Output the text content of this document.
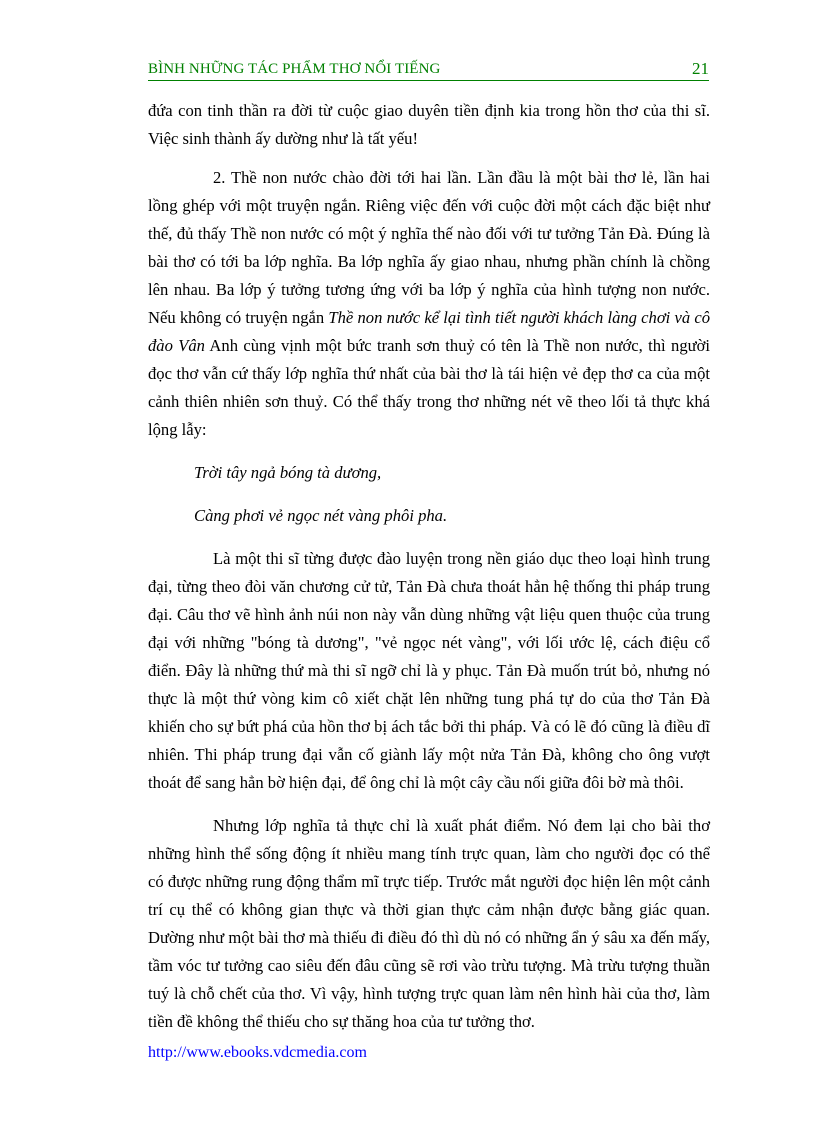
BÌNH NHỮNG TÁC PHẨM THƠ NỔI TIẾNG	21

đứa con tinh thần ra đời từ cuộc giao duyên tiền định kia trong hồn thơ của thi sĩ. Việc sinh thành ấy dường như là tất yếu!

2. Thề non nước chào đời tới hai lần. Lần đầu là một bài thơ lẻ, lần hai lồng ghép với một truyện ngắn. Riêng việc đến với cuộc đời một cách đặc biệt như thế, đủ thấy Thề non nước có một ý nghĩa thế nào đối với tư tưởng Tản Đà. Đúng là bài thơ có tới ba lớp nghĩa. Ba lớp nghĩa ấy giao nhau, nhưng phần chính là chồng lên nhau. Ba lớp ý tưởng tương ứng với ba lớp ý nghĩa của hình tượng non nước. Nếu không có truyện ngắn Thề non nước kể lại tình tiết người khách làng chơi và cô đào Vân Anh cùng vịnh một bức tranh sơn thuỷ có tên là Thề non nước, thì người đọc thơ vẫn cứ thấy lớp nghĩa thứ nhất của bài thơ là tái hiện vẻ đẹp thơ ca của một cảnh thiên nhiên sơn thuỷ. Có thể thấy trong thơ những nét vẽ theo lối tả thực khá lộng lẫy:

Trời tây ngả bóng tà dương,

Càng phơi vẻ ngọc nét vàng phôi pha.

Là một thi sĩ từng được đào luyện trong nền giáo dục theo loại hình trung đại, từng theo đòi văn chương cử tử, Tản Đà chưa thoát hẳn hệ thống thi pháp trung đại. Câu thơ vẽ hình ảnh núi non này vẫn dùng những vật liệu quen thuộc của trung đại với những "bóng tà dương", "vẻ ngọc nét vàng", với lối ước lệ, cách điệu cổ điển. Đây là những thứ mà thi sĩ ngỡ chỉ là y phục. Tản Đà muốn trút bỏ, nhưng nó thực là một thứ vòng kim cô xiết chặt lên những tung phá tự do của thơ Tản Đà khiến cho sự bứt phá của hồn thơ bị ách tắc bởi thi pháp. Và có lẽ đó cũng là điều dĩ nhiên. Thi pháp trung đại vẫn cố giành lấy một nửa Tản Đà, không cho ông vượt thoát để sang hẳn bờ hiện đại, để ông chỉ là một cây cầu nối giữa đôi bờ mà thôi.

Nhưng lớp nghĩa tả thực chỉ là xuất phát điểm. Nó đem lại cho bài thơ những hình thể sống động ít nhiều mang tính trực quan, làm cho người đọc có thể có được những rung động thẩm mĩ trực tiếp. Trước mắt người đọc hiện lên một cảnh trí cụ thể có không gian thực và thời gian thực cảm nhận được bằng giác quan. Dường như một bài thơ mà thiếu đi điều đó thì dù nó có những ẩn ý sâu xa đến mấy, tầm vóc tư tưởng cao siêu đến đâu cũng sẽ rơi vào trừu tượng. Mà trừu tượng thuần tuý là chỗ chết của thơ. Vì vậy, hình tượng trực quan làm nên hình hài của thơ, làm tiền đề không thể thiếu cho sự thăng hoa của tư tưởng thơ.

http://www.ebooks.vdcmedia.com
